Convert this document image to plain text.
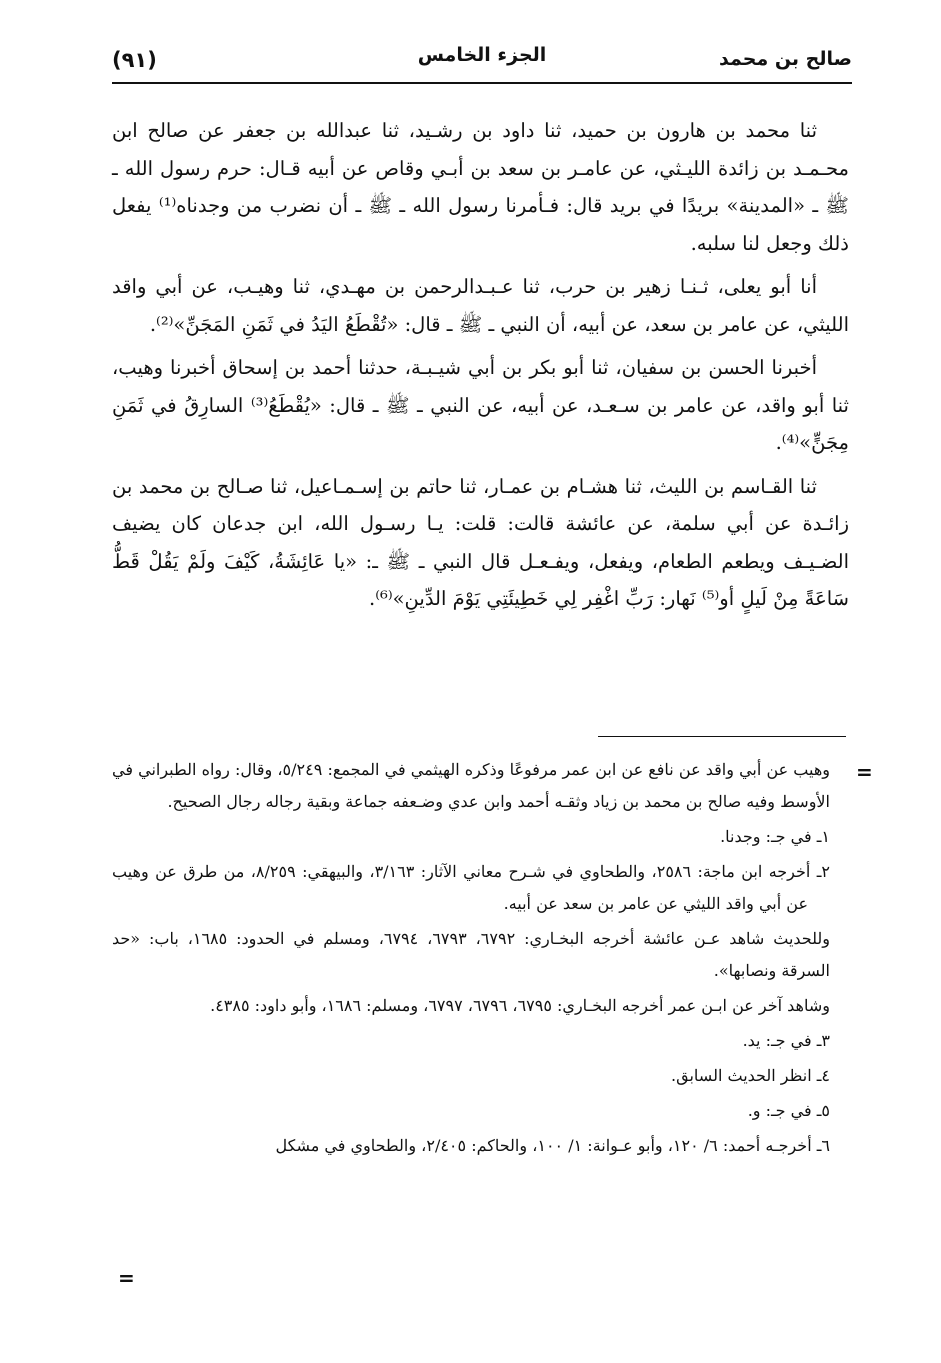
صالح بن محمد
الجزء الخامس
(٩١)

ثنا محمد بن هارون بن حميد، ثنا داود بن رشـيد، ثنا عبدالله بن جعفر عن صالح ابن محـمـد بن زائدة الليـثي، عن عامـر بن سعد بن أبـي وقاص عن أبيه قـال: حرم رسول الله ـ ﷺ ـ «المدينة» بريدًا في بريد قال: فـأمرنا رسول الله ـ ﷺ ـ أن نضرب من وجدناه⁽¹⁾ يفعل ذلك وجعل لنا سلبه.

أنا أبو يعلى، ثـنـا زهير بن حرب، ثنا عـبـدالرحمن بن مهـدي، ثنا وهيـب، عن أبي واقد الليثي، عن عامر بن سعد، عن أبيه، أن النبي ـ ﷺ ـ قال: «تُقْطَعُ اليَدُ في ثَمَنِ المَجَنِّ»⁽²⁾.

أخبرنا الحسن بن سفيان، ثنا أبو بكر بن أبي شيـبـة، حدثنا أحمد بن إسحاق أخبرنا وهيب، ثنا أبو واقد، عن عامر بن سـعـد، عن أبيه، عن النبي ـ ﷺ ـ قال: «يُقْطَعُ⁽³⁾ السارِقُ في ثَمَنِ مِجَنٍّ»⁽⁴⁾.

ثنا القـاسم بن الليث، ثنا هشـام بن عمـار، ثنا حاتم بن إسـمـاعيل، ثنا صـالح بن محمد بن زائـدة عن أبي سلمة، عن عائشة قالت: قلت: يـا رسـول الله، ابن جدعان كان يضيف الضـيـف ويطعم الطعام، ويفعل، ويفـعـل قال النبي ـ ﷺ ـ: «يا عَائِشَةُ، كَيْفَ ولَمْ يَقُلْ قَطُّ سَاعَةً مِنْ لَيلٍ أو⁽⁵⁾ نَهار: رَبِّ اغْفِر لِي خَطِيئَتِي يَوْمَ الدِّينِ»⁽⁶⁾.

=

وهيب عن أبي واقد عن نافع عن ابن عمر مرفوعًا وذكره الهيثمي في المجمع: ٥/٢٤٩، وقال: رواه الطبراني في الأوسط وفيه صالح بن محمد بن زياد وثقـه أحمد وابن عدي وضـعفه جماعة وبقية رجاله رجال الصحيح.

١ـ في جـ: وجدنا.

٢ـ أخرجه ابن ماجة: ٢٥٨٦، والطحاوي في شـرح معاني الآثار: ٣/١٦٣، والبيهقي: ٨/٢٥٩، من طرق عن وهيب عن أبي واقد الليثي عن عامر بن سعد عن أبيه.

وللحديث شاهد عـن عائشة أخرجه البخـاري: ٦٧٩٢، ٦٧٩٣، ٦٧٩٤، ومسلم في الحدود: ١٦٨٥، باب: «حد السرقة ونصابها».

وشاهد آخر عن ابـن عمر أخرجه البخـاري: ٦٧٩٥، ٦٧٩٦، ٦٧٩٧، ومسلم: ١٦٨٦، وأبو داود: ٤٣٨٥.

٣ـ في جـ: يد.

٤ـ انظر الحديث السابق.

٥ـ في جـ: و.

٦ـ أخرجـه أحمد: ٦/ ١٢٠، وأبو عـوانة: ١/ ١٠٠، والحاكم: ٢/٤٠٥، والطحاوي في مشكل

=
